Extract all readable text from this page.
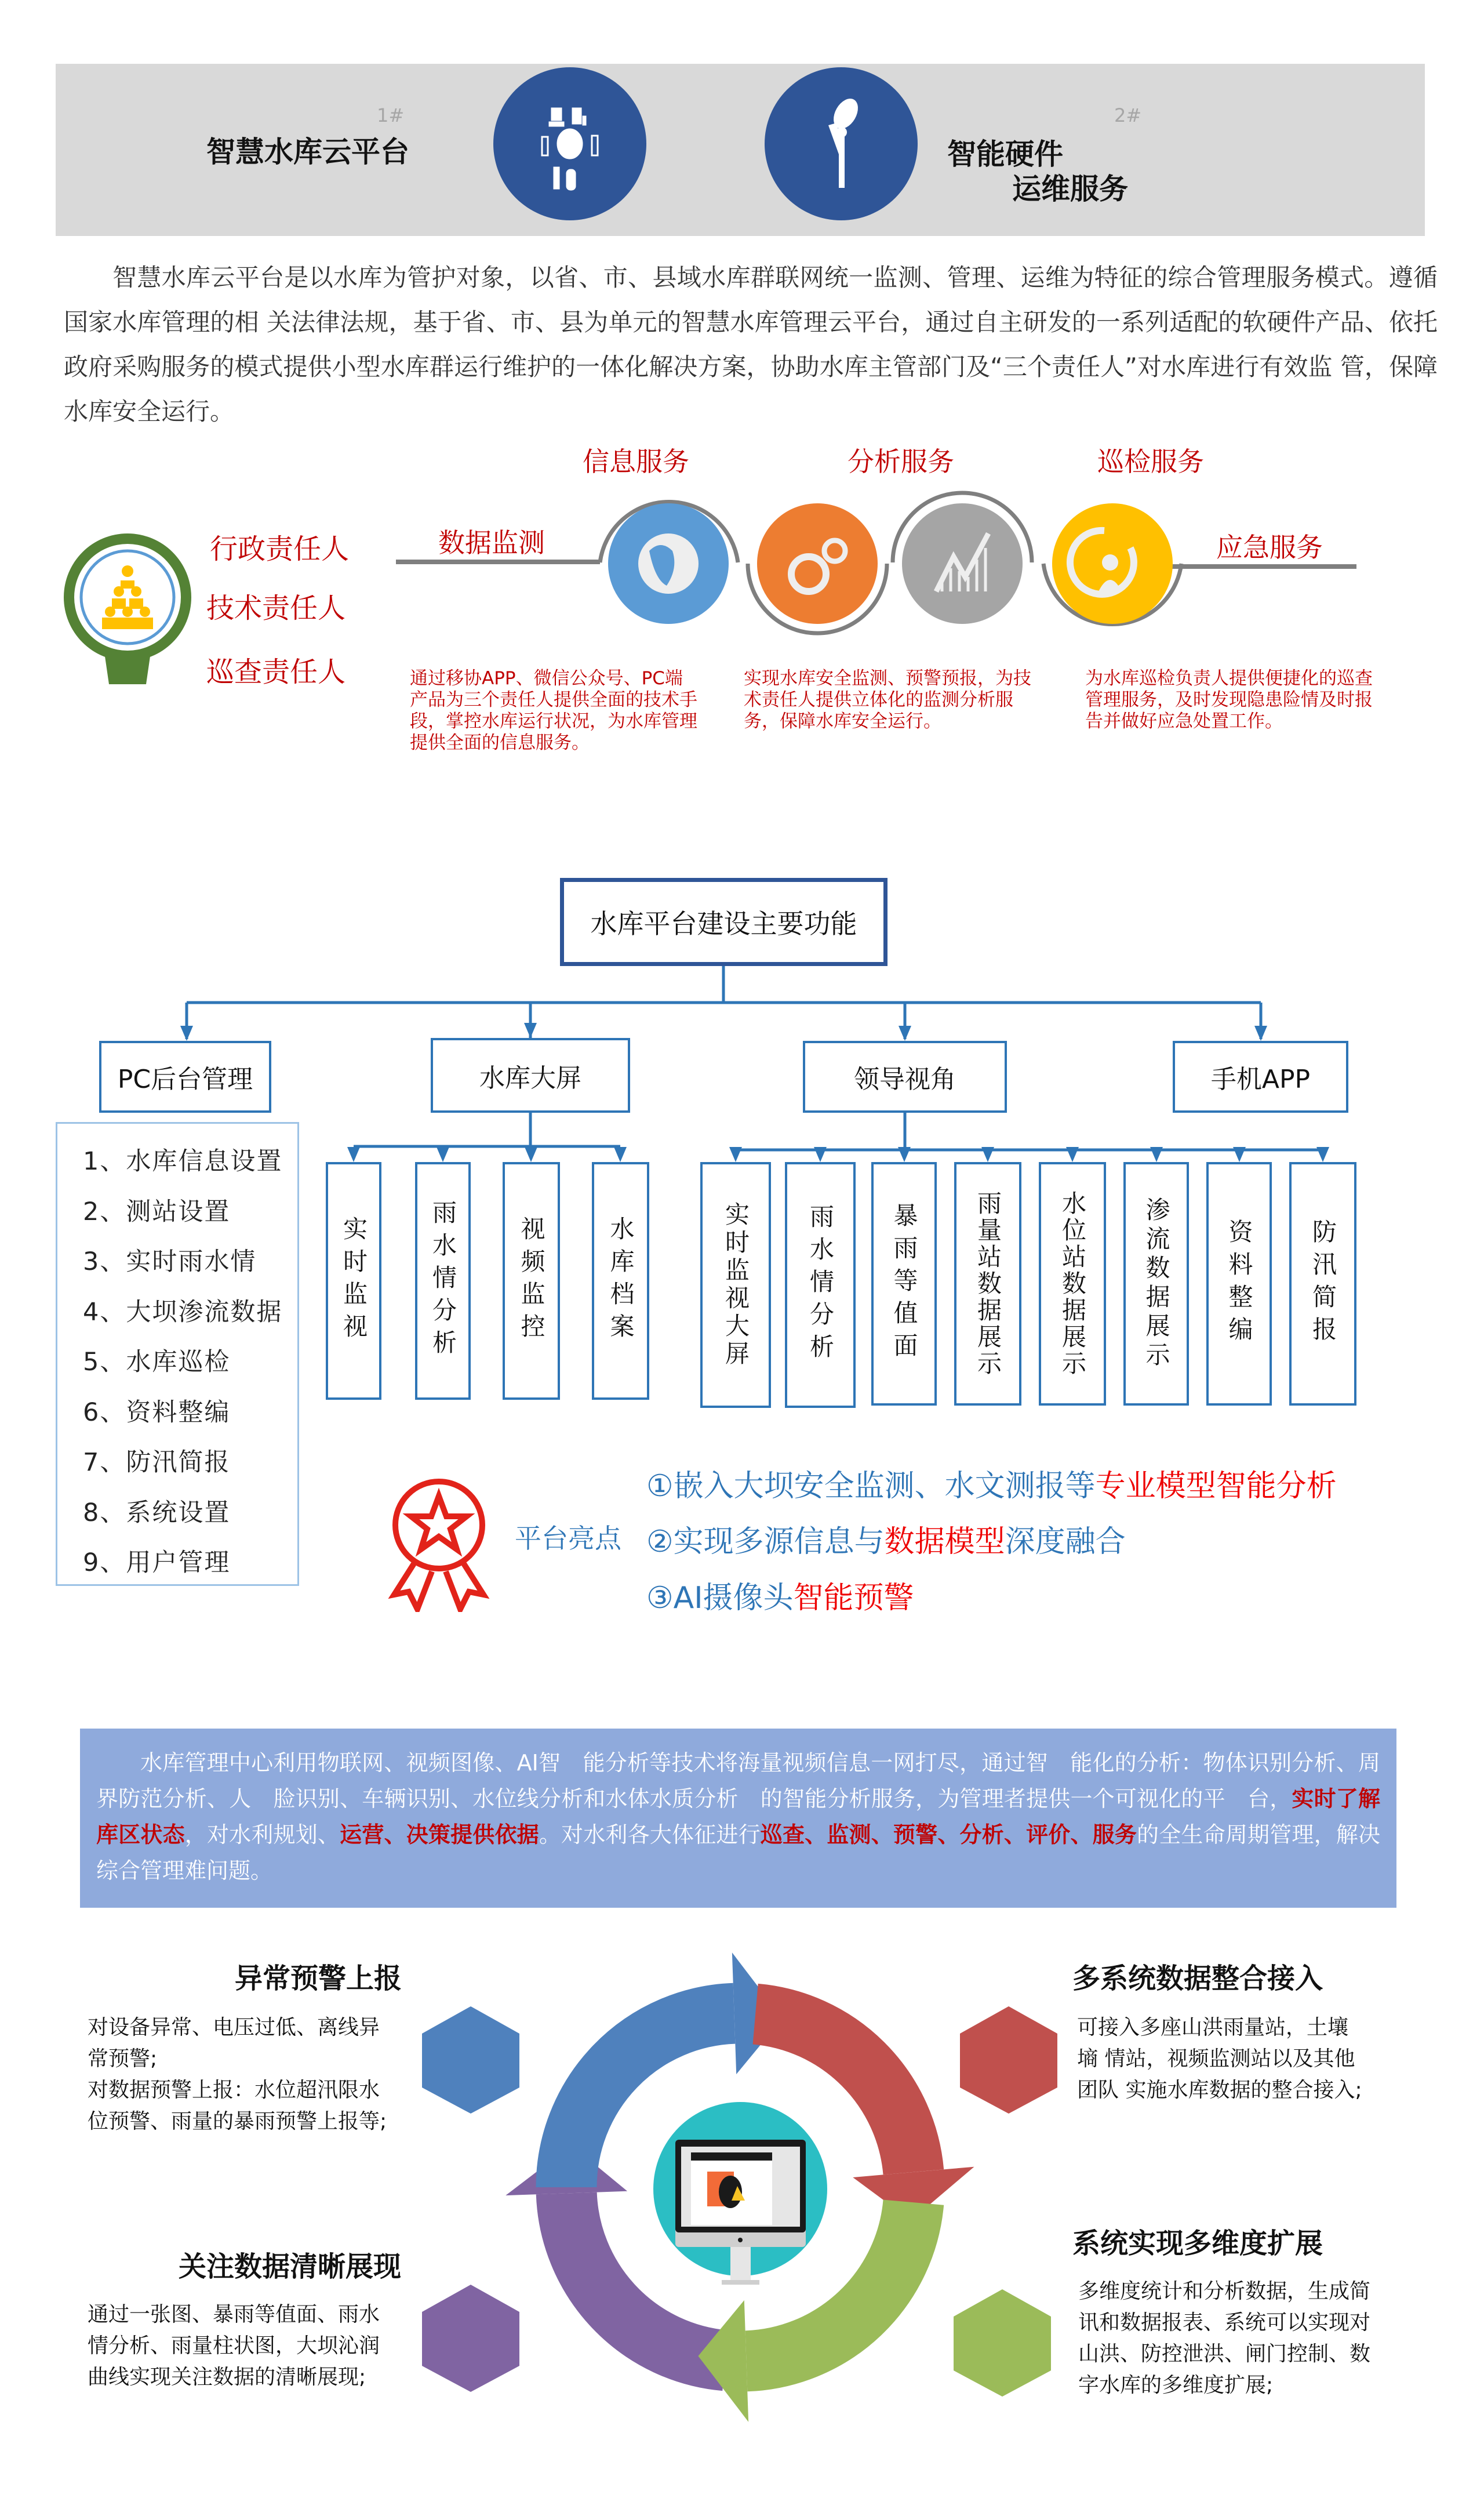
1#
智慧水库云平台
2#
智能硬件
运维服务
智慧水库云平台是以水库为管护对象，以省、市、县域水库群联网统一监测、管理、运维为特征的综合管理服务模式。遵循国家水库管理的相 关法律法规，基于省、市、县为单元的智慧水库管理云平台，通过自主研发的一系列适配的软硬件产品、依托政府采购服务的模式提供小型水库群运行维护的一体化解决方案，协助水库主管部门及“三个责任人”对水库进行有效监 管，保障水库安全运行。
行政责任人
技术责任人
巡查责任人
数据监测
信息服务	分析服务	巡检服务
应急服务
通过移协APP、微信公众号、PC端产品为三个责任人提供全面的技术手段，掌控水库运行状况，为水库管理提供全面的信息服务。
实现水库安全监测、预警预报，为技术责任人提供立体化的监测分析服务，保障水库安全运行。
为水库巡检负责人提供便捷化的巡查管理服务，及时发现隐患险情及时报告并做好应急处置工作。
水库平台建设主要功能
PC后台管理	水库大屏	领导视角	手机APP
1、水库信息设置
2、测站设置
3、实时雨水情
4、大坝渗流数据
5、水库巡检
6、资料整编
7、防汛简报
8、系统设置
9、用户管理
实时监视	雨水情分析	视频监控	水库档案	实时监视大屏	雨水情分析	暴雨等值面	雨量站数据展示	水位站数据展示	渗流数据展示	资料整编	防汛简报
平台亮点
①嵌入大坝安全监测、水文测报等专业模型智能分析
②实现多源信息与数据模型深度融合
③AI摄像头智能预警
水库管理中心利用物联网、视频图像、AI智　能分析等技术将海量视频信息一网打尽，通过智　能化的分析：物体识别分析、周界防范分析、人　脸识别、车辆识别、水位线分析和水体水质分析　的智能分析服务，为管理者提供一个可视化的平　台，实时了解库区状态，对水利规划、运营、决策提供依据。对水利各大体征进行巡查、监测、预警、分析、评价、服务的全生命周期管理，解决综合管理难问题。
异常预警上报
对设备异常、电压过低、离线异
常预警;
对数据预警上报：水位超汛限水
位预警、雨量的暴雨预警上报等;
多系统数据整合接入
可接入多座山洪雨量站，土壤
墒 情站，视频监测站以及其他
团队 实施水库数据的整合接入;
关注数据清晰展现
通过一张图、暴雨等值面、雨水
情分析、雨量柱状图，大坝沁润
曲线实现关注数据的清晰展现;
系统实现多维度扩展
多维度统计和分析数据，生成简
讯和数据报表、系统可以实现对
山洪、防控泄洪、闸门控制、数
字水库的多维度扩展;
